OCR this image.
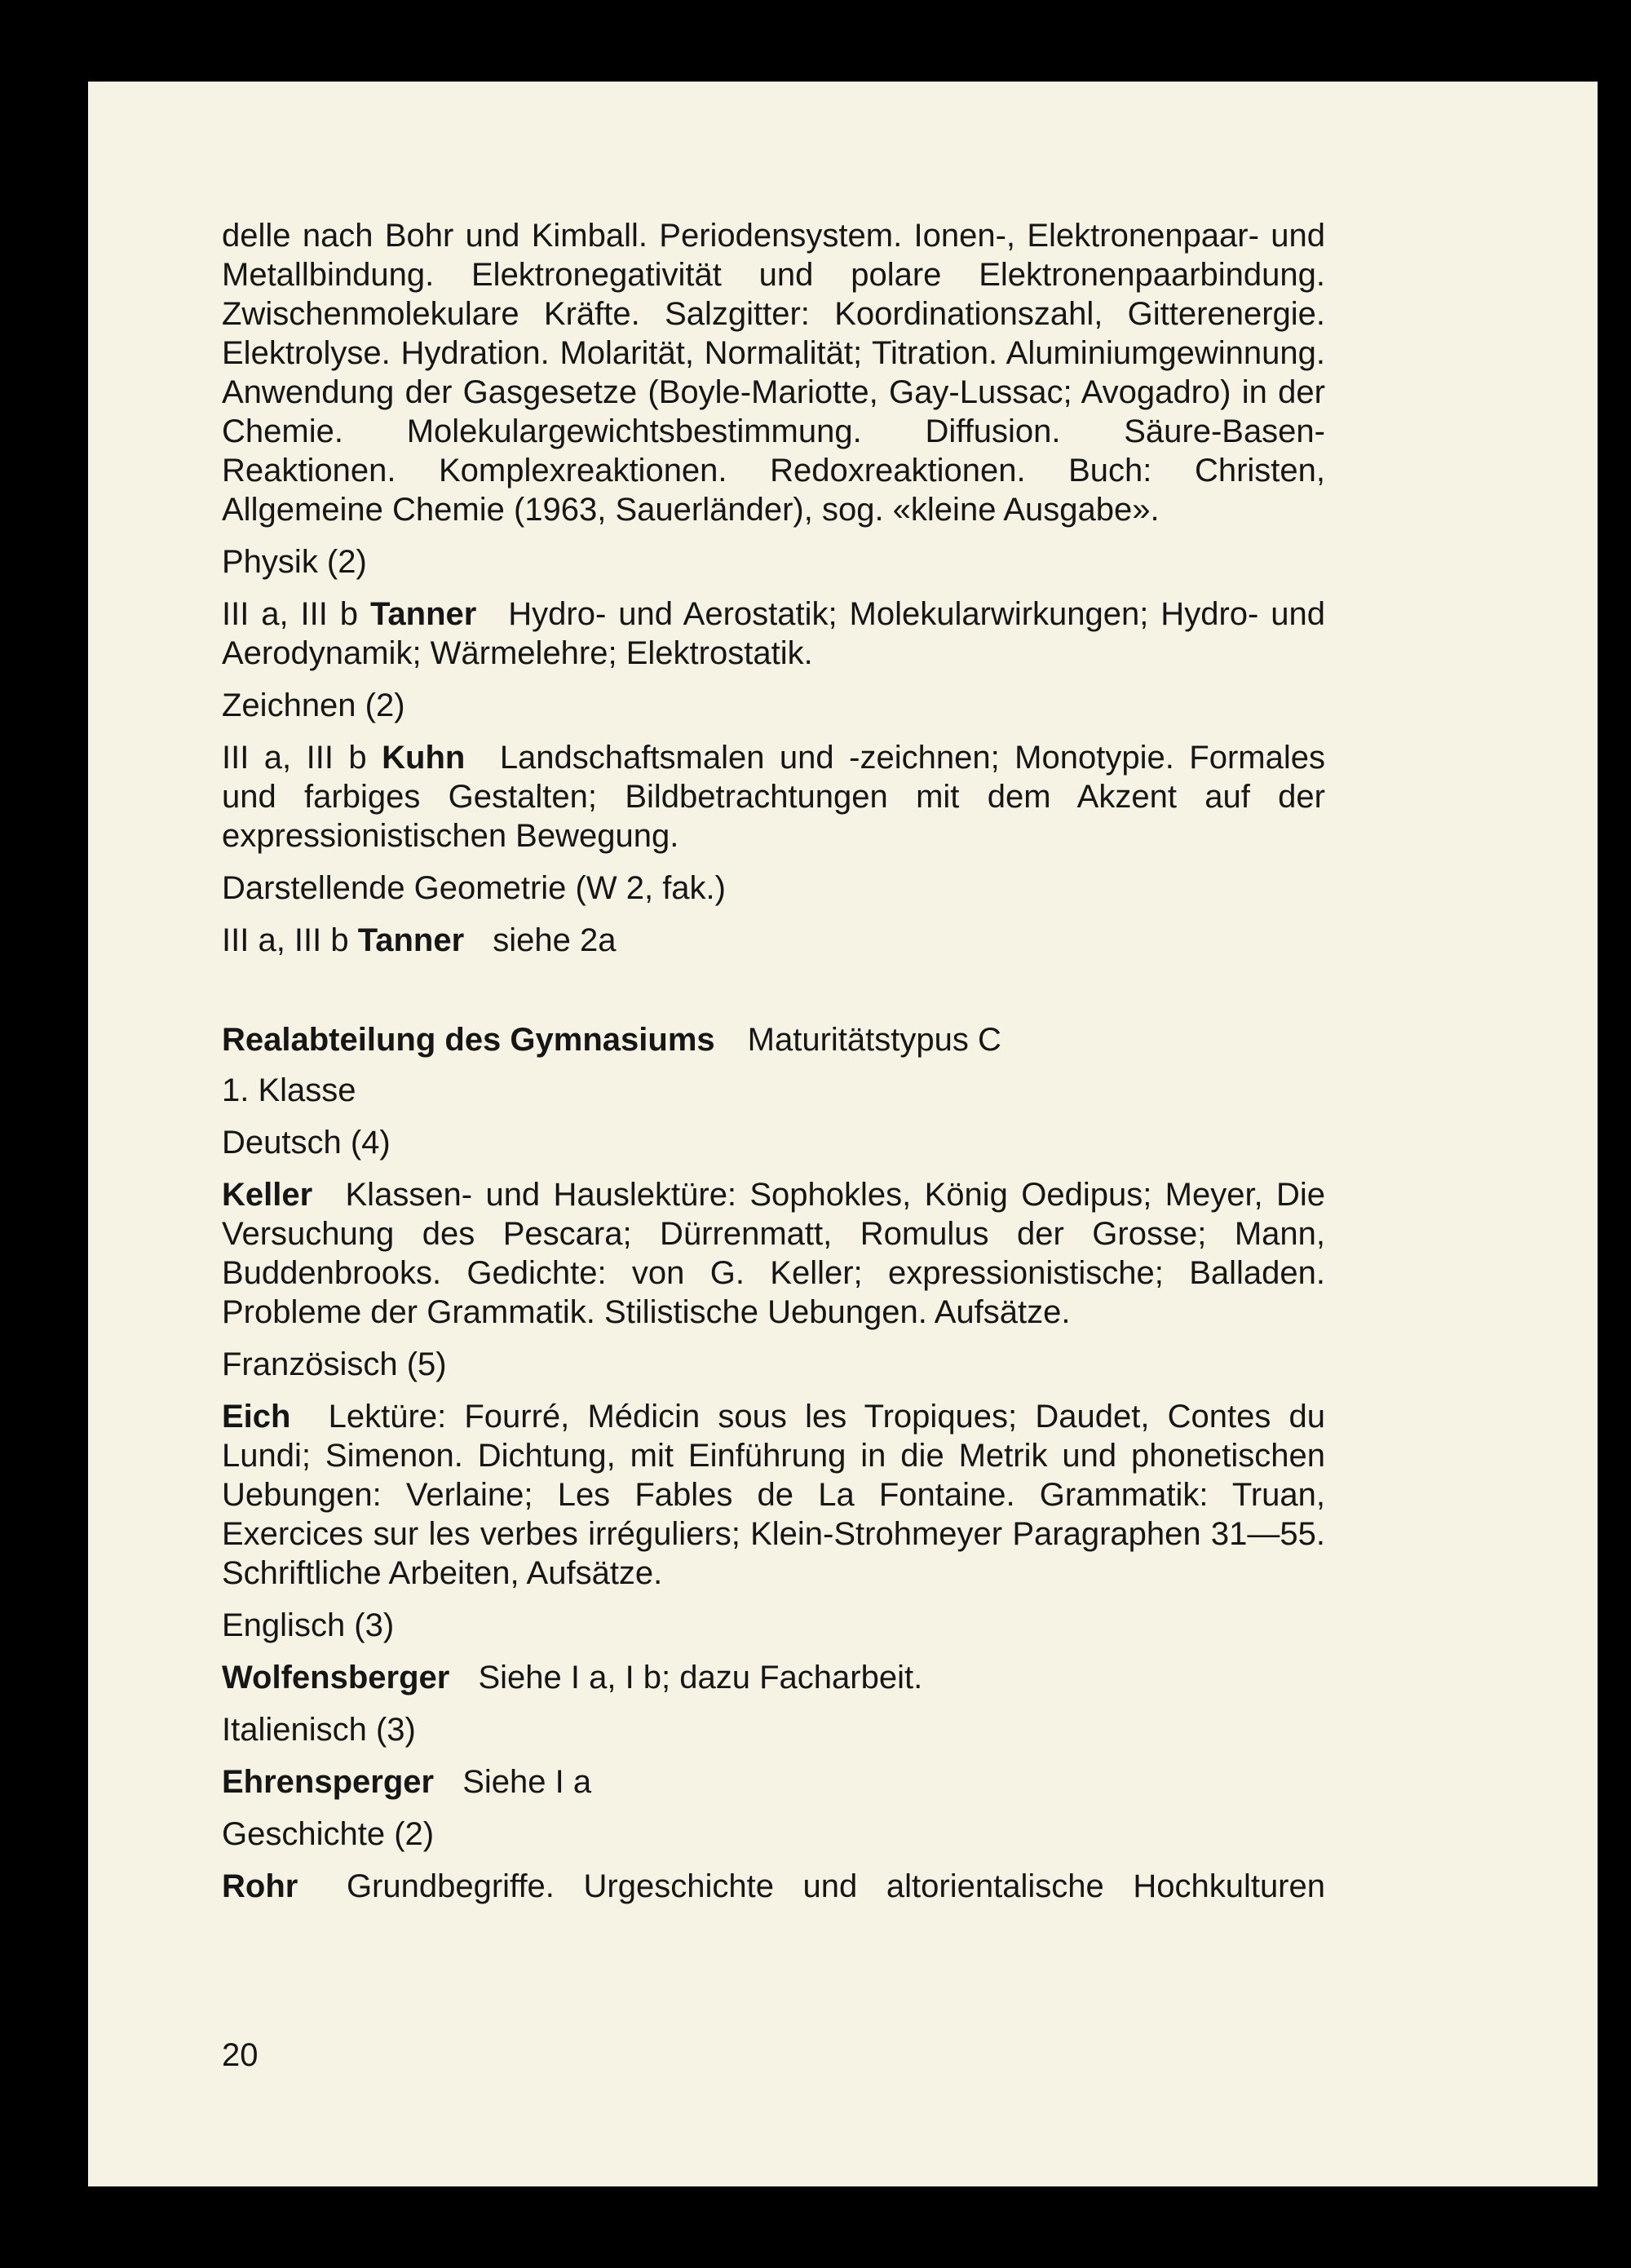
delle nach Bohr und Kimball. Periodensystem. Ionen-, Elektronenpaar- und Metallbindung. Elektronegativität und polare Elektronenpaarbindung. Zwischenmolekulare Kräfte. Salzgitter: Koordinationszahl, Gitterenergie. Elektrolyse. Hydration. Molarität, Normalität; Titration. Aluminiumgewinnung. Anwendung der Gasgesetze (Boyle-Mariotte, Gay-Lussac; Avogadro) in der Chemie. Molekulargewichtsbestimmung. Diffusion. Säure-Basen-Reaktionen. Komplexreaktionen. Redoxreaktionen. Buch: Christen, Allgemeine Chemie (1963, Sauerländer), sog. «kleine Ausgabe».

Physik (2)

III a, III b Tanner Hydro- und Aerostatik; Molekularwirkungen; Hydro- und Aerodynamik; Wärmelehre; Elektrostatik.

Zeichnen (2)

III a, III b Kuhn Landschaftsmalen und -zeichnen; Monotypie. Formales und farbiges Gestalten; Bildbetrachtungen mit dem Akzent auf der expressionistischen Bewegung.

Darstellende Geometrie (W 2, fak.)

III a, III b Tanner siehe 2a

Realabteilung des Gymnasiums Maturitätstypus C

1. Klasse

Deutsch (4)

Keller Klassen- und Hauslektüre: Sophokles, König Oedipus; Meyer, Die Versuchung des Pescara; Dürrenmatt, Romulus der Grosse; Mann, Buddenbrooks. Gedichte: von G. Keller; expressionistische; Balladen. Probleme der Grammatik. Stilistische Uebungen. Aufsätze.

Französisch (5)

Eich Lektüre: Fourré, Médicin sous les Tropiques; Daudet, Contes du Lundi; Simenon. Dichtung, mit Einführung in die Metrik und phonetischen Uebungen: Verlaine; Les Fables de La Fontaine. Grammatik: Truan, Exercices sur les verbes irréguliers; Klein-Strohmeyer Paragraphen 31—55. Schriftliche Arbeiten, Aufsätze.

Englisch (3)

Wolfensberger Siehe I a, I b; dazu Facharbeit.

Italienisch (3)

Ehrensperger Siehe I a

Geschichte (2)

Rohr Grundbegriffe. Urgeschichte und altorientalische Hochkulturen

20
